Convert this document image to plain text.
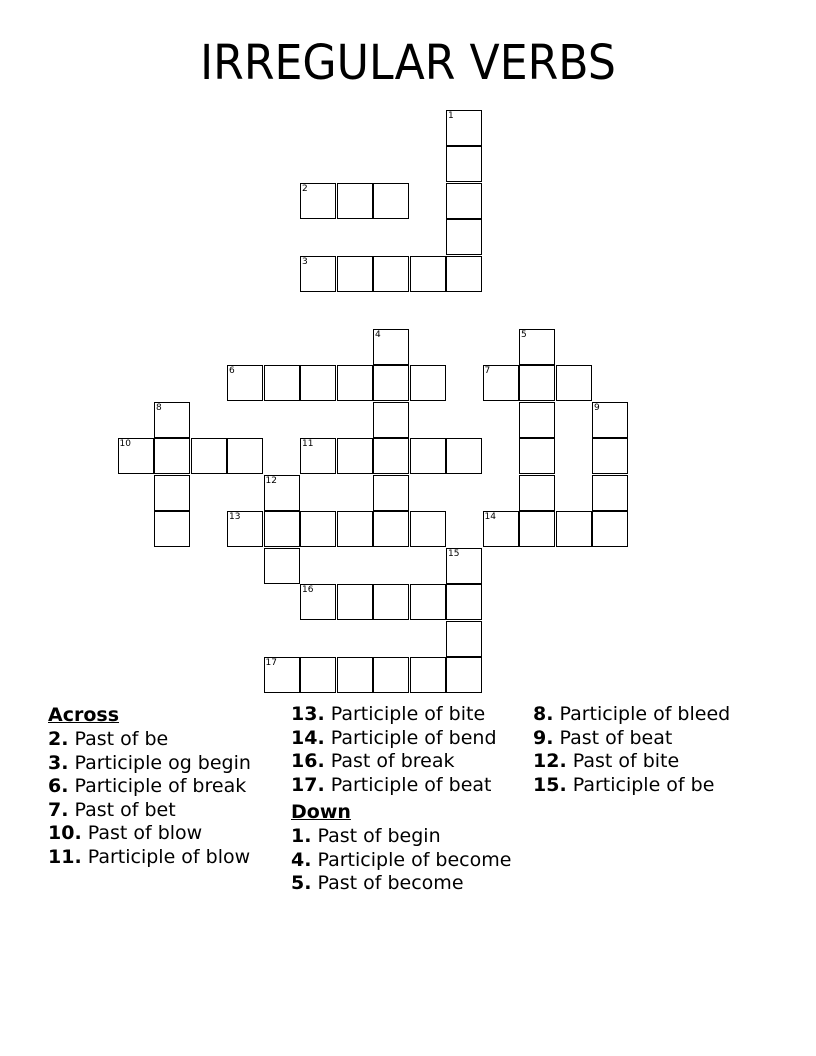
IRREGULAR VERBS
1
2
3
4	5
6	7
8	9
10	11
12
13	14
15
16
17

Across

2. Past of be

3. Participle og begin

6. Participle of break

7. Past of bet

10. Past of blow

11. Participle of blow

13. Participle of bite

14. Participle of bend

16. Past of break

17. Participle of beat

Down

1. Past of begin

4. Participle of become

5. Past of become

8. Participle of bleed

9. Past of beat

12. Past of bite

15. Participle of be
